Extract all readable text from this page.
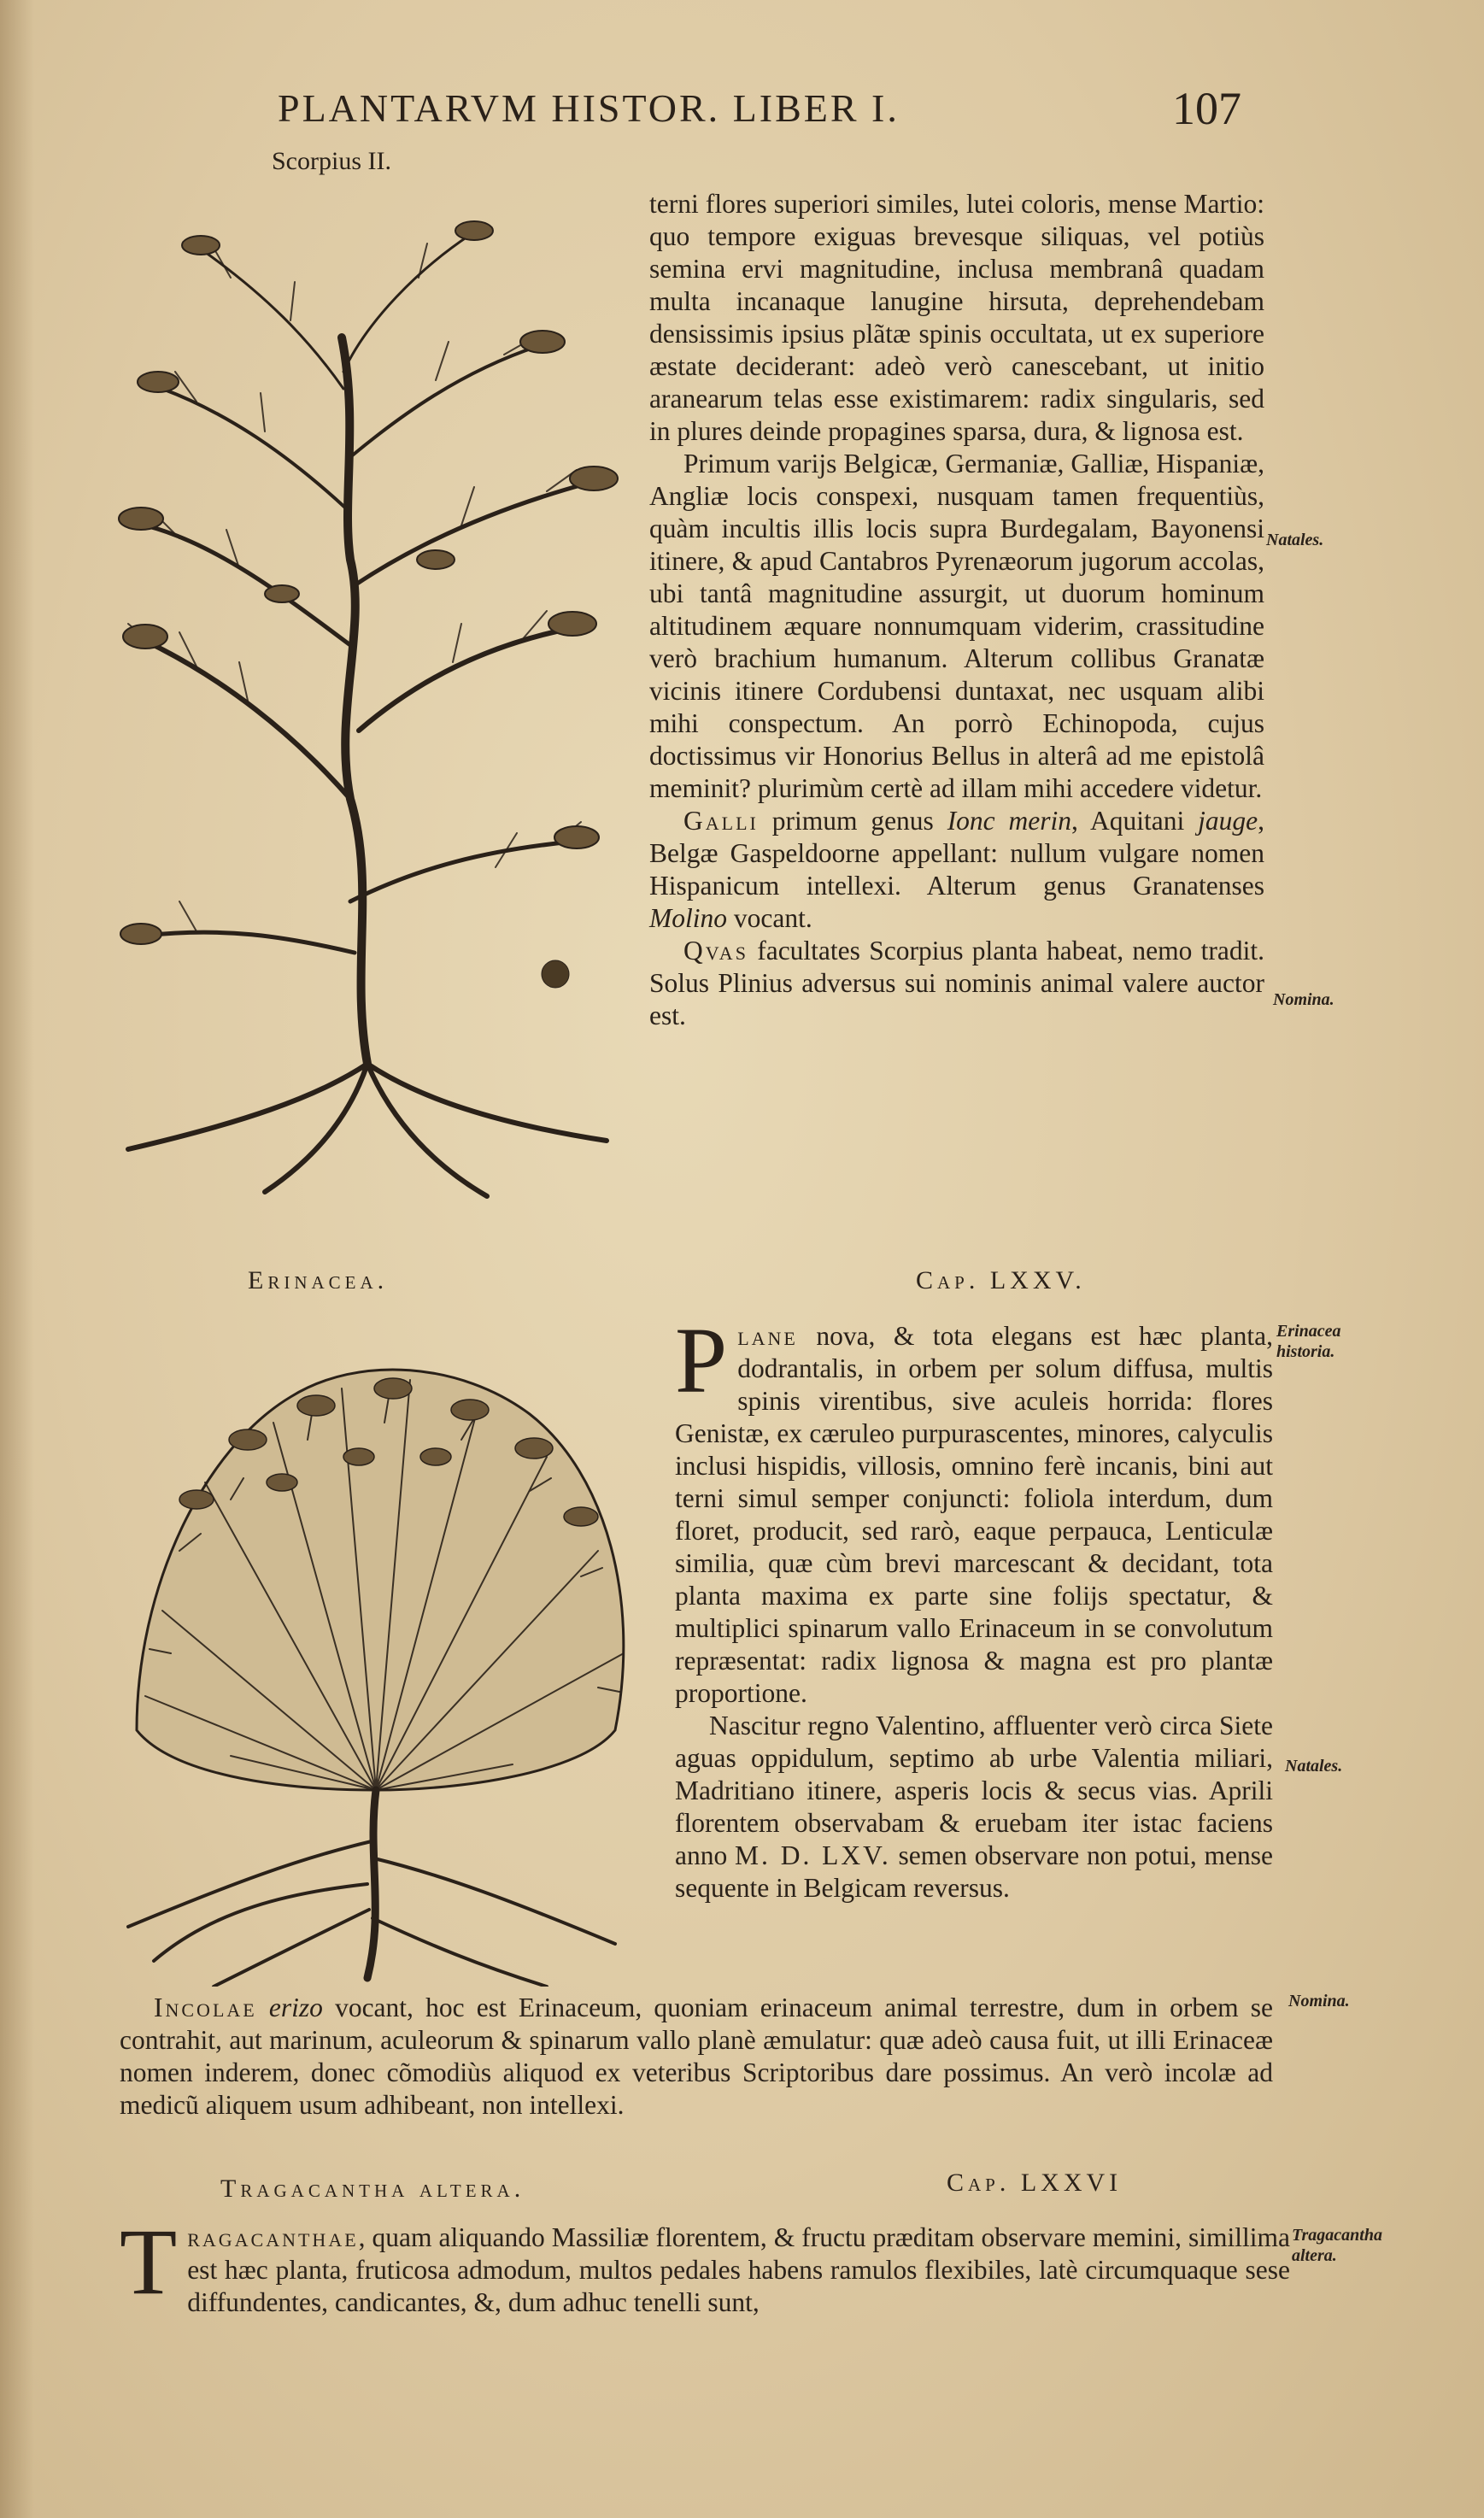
PLANTARVM HISTOR. LIBER I.	107
Scorpius II.

terni flores superiori similes, lutei coloris, mense Martio: quo tempore exiguas brevesque siliquas, vel potiùs semina ervi magnitudine, inclusa membranâ quadam multa incanaque lanugine hirsuta, deprehendebam densissimis ipsius plãtæ spinis occultata, ut ex superiore æstate deciderant: adeò verò canescebant, ut initio aranearum telas esse existimarem: radix singularis, sed in plures deinde propagines sparsa, dura, & lignosa est.

Primum varijs Belgicæ, Germaniæ, Galliæ, Hispaniæ, Angliæ locis conspexi, nusquam tamen frequentiùs, quàm incultis illis locis supra Burdegalam, Bayonensi itinere, & apud Cantabros Pyrenæorum jugorum accolas, ubi tantâ magnitudine assurgit, ut duorum hominum altitudinem æquare nonnumquam viderim, crassitudine verò brachium humanum. Alterum collibus Granatæ vicinis itinere Cordubensi duntaxat, nec usquam alibi mihi conspectum. An porrò Echinopoda, cujus doctissimus vir Honorius Bellus in alterâ ad me epistolâ meminit? plurimùm certè ad illam mihi accedere videtur.

Galli primum genus Ionc merin, Aquitani jauge, Belgæ Gaspeldoorne appellant: nullum vulgare nomen Hispanicum intellexi. Alterum genus Granatenses Molino vocant.

Qvas facultates Scorpius planta habeat, nemo tradit. Solus Plinius adversus sui nominis animal valere auctor est.

Natales.
Nomina.
Erinacea.	Cap. LXXV.

Plane nova, & tota elegans est hæc planta, dodrantalis, in orbem per solum diffusa, multis spinis virentibus, sive aculeis horrida: flores Genistæ, ex cæruleo purpurascentes, minores, calyculis inclusi hispidis, villosis, omnino ferè incanis, bini aut terni simul semper conjuncti: foliola interdum, dum floret, producit, sed rarò, eaque perpauca, Lenticulæ similia, quæ cùm brevi marcescant & decidant, tota planta maxima ex parte sine folijs spectatur, & multiplici spinarum vallo Erinaceum in se convolutum repræsentat: radix lignosa & magna est pro plantæ proportione.

Nascitur regno Valentino, affluenter verò circa Siete aguas oppidulum, septimo ab urbe Valentia miliari, Madritiano itinere, asperis locis & secus vias. Aprili florentem observabam & eruebam iter istac faciens anno M. D. LXV. semen observare non potui, mense sequente in Belgicam reversus.

Incolae erizo vocant, hoc est Erinaceum, quoniam erinaceum animal terrestre, dum in orbem se contrahit, aut marinum, aculeorum & spinarum vallo planè æmulatur: quæ adeò causa fuit, ut illi Erinaceæ nomen inderem, donec cõmodiùs aliquod ex veteribus Scriptoribus dare possimus. An verò incolæ ad medicũ aliquem usum adhibeant, non intellexi.

Erinacea historia.
Natales.
Nomina.
Tragacantha altera.	Cap. LXXVI

Tragacanthae, quam aliquando Massiliæ florentem, & fructu præditam observare memini, simillima est hæc planta, fruticosa admodum, multos pedales habens ramulos flexibiles, latè circumquaque sese diffundentes, candicantes, &, dum adhuc tenelli sunt,

Tragacantha altera.
